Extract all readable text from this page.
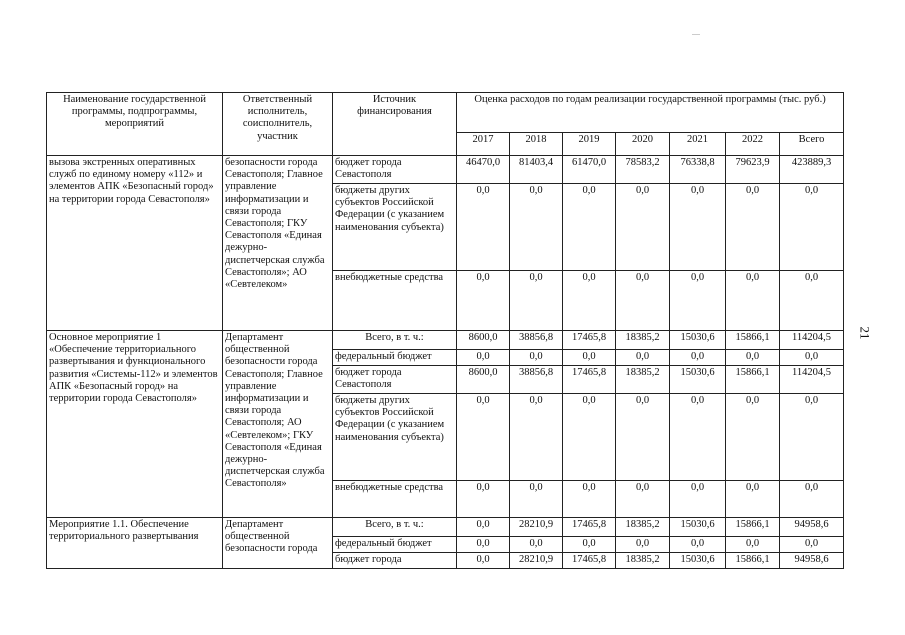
Наименование государственной программы, подпрограммы, мероприятий	Ответственный исполнитель, соисполнитель, участник	Источник финансирования	Оценка расходов по годам реализации государственной программы (тыс. руб.)						
			2017	2018	2019	2020	2021	2022	Всего
вызова экстренных оперативных служб по единому номеру «112» и элементов АПК «Безопасный город» на территории города Севастополя»	безопасности города Севастополя; Главное управление информатизации и связи города Севастополя; ГКУ Севастополя «Единая дежурно-диспетчерская служба Севастополя»; АО «Севтелеком»	бюджет города Севастополя	46470,0	81403,4	61470,0	78583,2	76338,8	79623,9	423889,3
		бюджеты других субъектов Российской Федерации (с указанием наименования субъекта)	0,0	0,0	0,0	0,0	0,0	0,0	0,0
		внебюджетные средства	0,0	0,0	0,0	0,0	0,0	0,0	0,0
Основное мероприятие 1 «Обеспечение территориального развертывания и функционального развития «Системы-112» и элементов АПК «Безопасный город» на территории города Севастополя»	Департамент общественной безопасности города Севастополя; Главное управление информатизации и связи города Севастополя; АО «Севтелеком»; ГКУ Севастополя «Единая дежурно-диспетчерская служба Севастополя»	Всего, в т. ч.:	8600,0	38856,8	17465,8	18385,2	15030,6	15866,1	114204,5
		федеральный бюджет	0,0	0,0	0,0	0,0	0,0	0,0	0,0
		бюджет города Севастополя	8600,0	38856,8	17465,8	18385,2	15030,6	15866,1	114204,5
		бюджеты других субъектов Российской Федерации (с указанием наименования субъекта)	0,0	0,0	0,0	0,0	0,0	0,0	0,0
		внебюджетные средства	0,0	0,0	0,0	0,0	0,0	0,0	0,0
Мероприятие 1.1. Обеспечение территориального развертывания	Департамент общественной безопасности города	Всего, в т. ч.:	0,0	28210,9	17465,8	18385,2	15030,6	15866,1	94958,6
		федеральный бюджет	0,0	0,0	0,0	0,0	0,0	0,0	0,0
		бюджет города	0,0	28210,9	17465,8	18385,2	15030,6	15866,1	94958,6
21
